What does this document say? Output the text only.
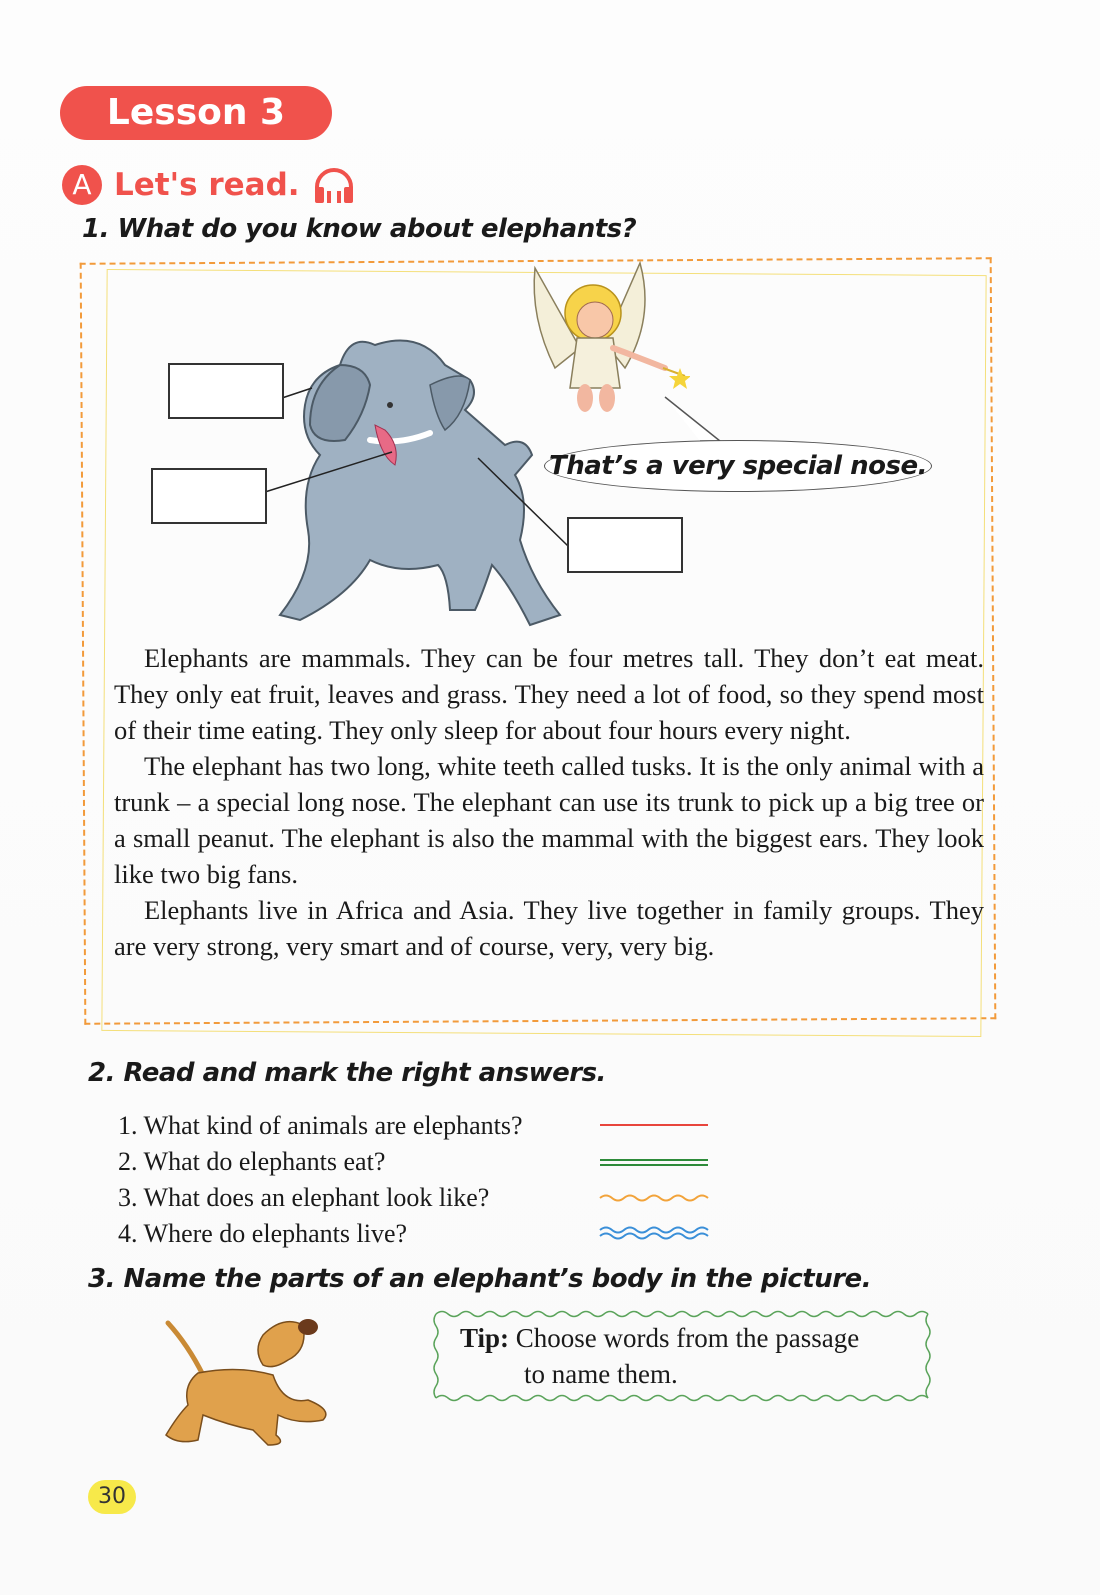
Lesson 3
A Let's read.
1. What do you know about elephants?
That’s a very special nose.

Elephants are mammals. They can be four metres tall. They don’t eat meat. They only eat fruit, leaves and grass. They need a lot of food, so they spend most of their time eating. They only sleep for about four hours every night.

The elephant has two long, white teeth called tusks. It is the only animal with a trunk – a special long nose. The elephant can use its trunk to pick up a big tree or a small peanut. The elephant is also the mammal with the biggest ears. They look like two big fans.

Elephants live in Africa and Asia. They live together in family groups. They are very strong, very smart and of course, very, very big.

2. Read and mark the right answers.
1. What kind of animals are elephants?
2. What do elephants eat?
3. What does an elephant look like?
4. Where do elephants live?
3. Name the parts of an elephant’s body in the picture.
Tip: Choose words from the passage
to name them.
30
